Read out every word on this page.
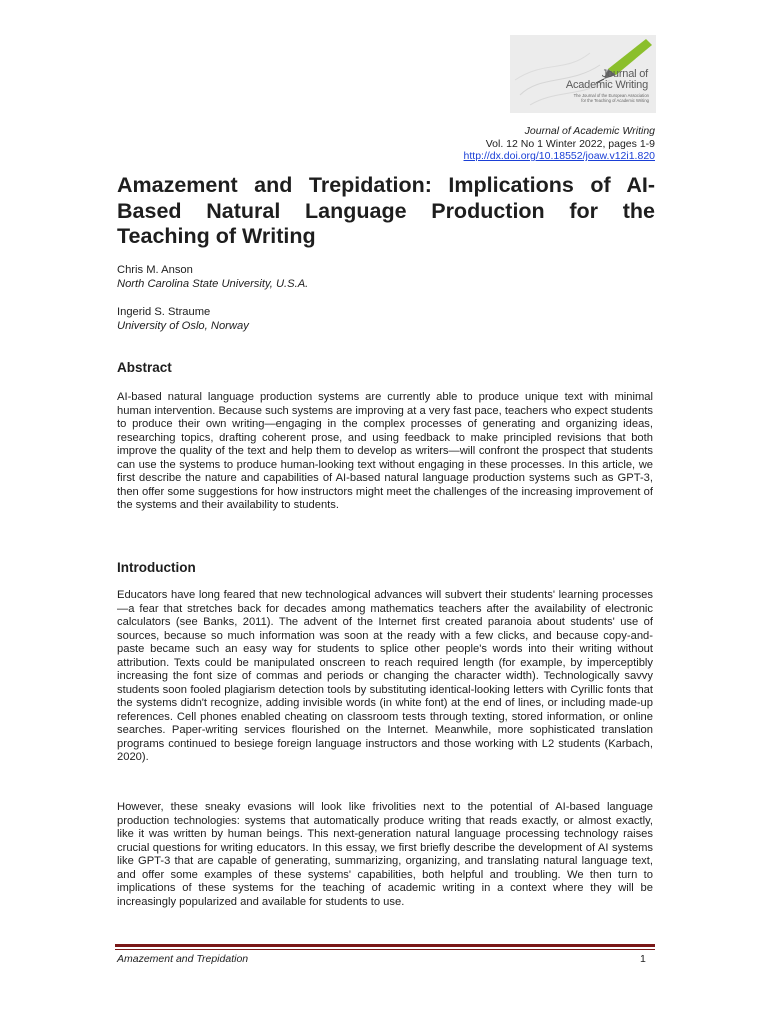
Journal of
Academic Writing
The Journal of the European Association
for the Teaching of Academic Writing
Journal of Academic Writing
Vol. 12 No 1 Winter 2022, pages 1-9
http://dx.doi.org/10.18552/joaw.v12i1.820
Amazement and Trepidation: Implications of AI-Based Natural Language Production for the Teaching of Writing
Chris M. Anson
North Carolina State University, U.S.A.
Ingerid S. Straume
University of Oslo, Norway
Abstract

AI-based natural language production systems are currently able to produce unique text with minimal human intervention. Because such systems are improving at a very fast pace, teachers who expect students to produce their own writing—engaging in the complex processes of generating and organizing ideas, researching topics, drafting coherent prose, and using feedback to make principled revisions that both improve the quality of the text and help them to develop as writers—will confront the prospect that students can use the systems to produce human-looking text without engaging in these processes. In this article, we first describe the nature and capabilities of AI-based natural language production systems such as GPT-3, then offer some suggestions for how instructors might meet the challenges of the increasing improvement of the systems and their availability to students.

Introduction

Educators have long feared that new technological advances will subvert their students' learning processes—a fear that stretches back for decades among mathematics teachers after the availability of electronic calculators (see Banks, 2011). The advent of the Internet first created paranoia about students' use of sources, because so much information was soon at the ready with a few clicks, and because copy-and-paste became such an easy way for students to splice other people's words into their writing without attribution. Texts could be manipulated onscreen to reach required length (for example, by imperceptibly increasing the font size of commas and periods or changing the character width). Technologically savvy students soon fooled plagiarism detection tools by substituting identical-looking letters with Cyrillic fonts that the systems didn't recognize, adding invisible words (in white font) at the end of lines, or including made-up references. Cell phones enabled cheating on classroom tests through texting, stored information, or online searches. Paper-writing services flourished on the Internet. Meanwhile, more sophisticated translation programs continued to besiege foreign language instructors and those working with L2 students (Karbach, 2020).

However, these sneaky evasions will look like frivolities next to the potential of AI-based language production technologies: systems that automatically produce writing that reads exactly, or almost exactly, like it was written by human beings. This next-generation natural language processing technology raises crucial questions for writing educators. In this essay, we first briefly describe the development of AI systems like GPT-3 that are capable of generating, summarizing, organizing, and translating natural language text, and offer some examples of these systems' capabilities, both helpful and troubling. We then turn to implications of these systems for the teaching of academic writing in a context where they will be increasingly popularized and available for students to use.

Amazement and Trepidation	1
